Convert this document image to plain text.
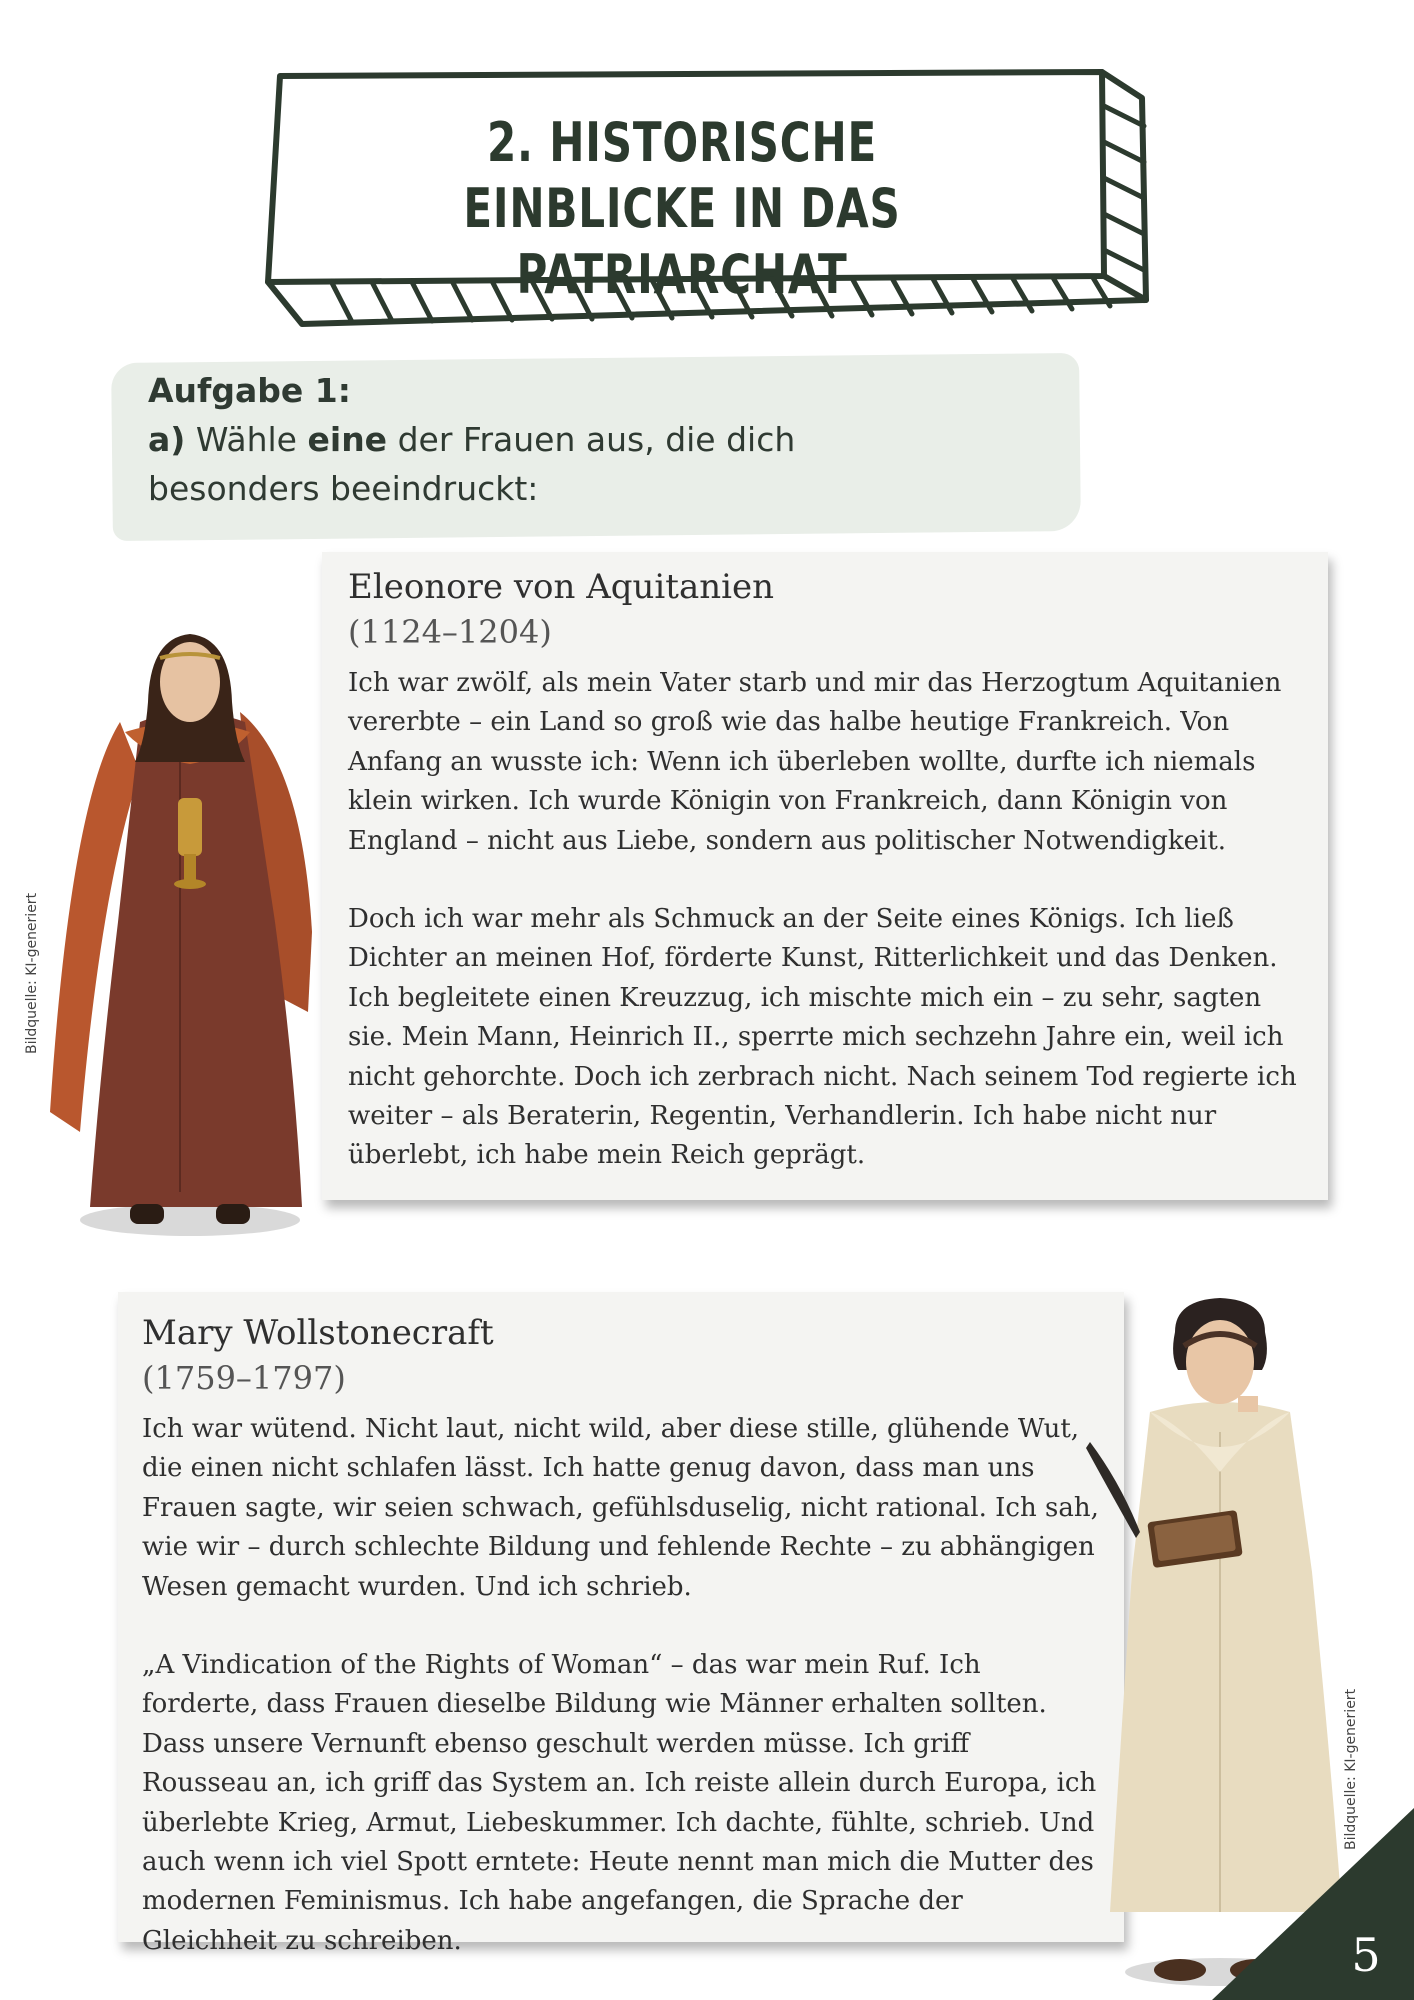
2. HISTORISCHE EINBLICKE IN DAS
PATRIARCHAT
Aufgabe 1:
a) Wähle eine der Frauen aus, die dich besonders beeindruckt:
Bildquelle: KI-generiert
Eleonore von Aquitanien
(1124–1204)

Ich war zwölf, als mein Vater starb und mir das Herzogtum Aquitanien vererbte – ein Land so groß wie das halbe heutige Frankreich. Von Anfang an wusste ich: Wenn ich überleben wollte, durfte ich niemals klein wirken. Ich wurde Königin von Frankreich, dann Königin von England – nicht aus Liebe, sondern aus politischer Notwendigkeit.

Doch ich war mehr als Schmuck an der Seite eines Königs. Ich ließ Dichter an meinen Hof, förderte Kunst, Ritterlichkeit und das Denken. Ich begleitete einen Kreuzzug, ich mischte mich ein – zu sehr, sagten sie. Mein Mann, Heinrich II., sperrte mich sechzehn Jahre ein, weil ich nicht gehorchte. Doch ich zerbrach nicht. Nach seinem Tod regierte ich weiter – als Beraterin, Regentin, Verhandlerin. Ich habe nicht nur überlebt, ich habe mein Reich geprägt.

Mary Wollstonecraft
(1759–1797)

Ich war wütend. Nicht laut, nicht wild, aber diese stille, glühende Wut, die einen nicht schlafen lässt. Ich hatte genug davon, dass man uns Frauen sagte, wir seien schwach, gefühlsduselig, nicht rational. Ich sah, wie wir – durch schlechte Bildung und fehlende Rechte – zu abhängigen Wesen gemacht wurden. Und ich schrieb.

„A Vindication of the Rights of Woman“ – das war mein Ruf. Ich forderte, dass Frauen dieselbe Bildung wie Männer erhalten sollten. Dass unsere Vernunft ebenso geschult werden müsse. Ich griff Rousseau an, ich griff das System an. Ich reiste allein durch Europa, ich überlebte Krieg, Armut, Liebeskummer. Ich dachte, fühlte, schrieb. Und auch wenn ich viel Spott erntete: Heute nennt man mich die Mutter des modernen Feminismus. Ich habe angefangen, die Sprache der Gleichheit zu schreiben.

Bildquelle: KI-generiert
5
